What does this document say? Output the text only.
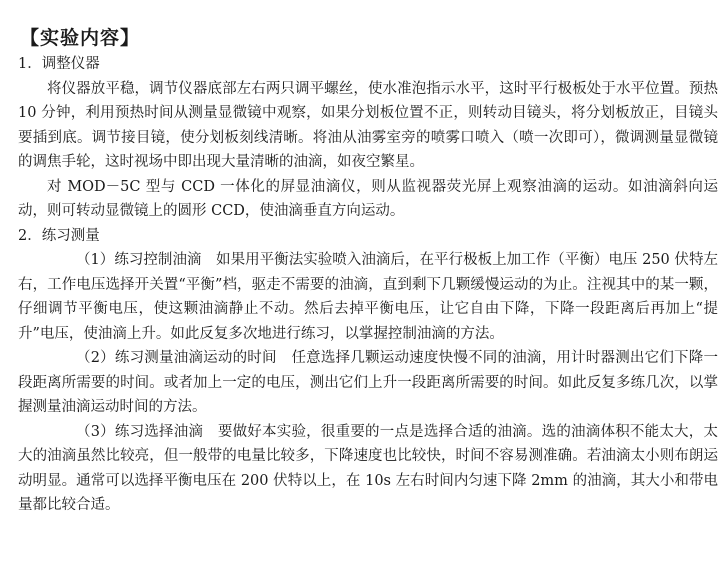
【实验内容】

1．调整仪器

将仪器放平稳，调节仪器底部左右两只调平螺丝，使水准泡指示水平，这时平行极板处于水平位置。预热 10 分钟，利用预热时间从测量显微镜中观察，如果分划板位置不正，则转动目镜头，将分划板放正，目镜头要插到底。调节接目镜，使分划板刻线清晰。将油从油雾室旁的喷雾口喷入（喷一次即可），微调测量显微镜的调焦手轮，这时视场中即出现大量清晰的油滴，如夜空繁星。

对 MOD－5C 型与 CCD 一体化的屏显油滴仪，则从监视器荧光屏上观察油滴的运动。如油滴斜向运动，则可转动显微镜上的圆形 CCD，使油滴垂直方向运动。

2．练习测量

（1）练习控制油滴　如果用平衡法实验喷入油滴后，在平行极板上加工作（平衡）电压 250 伏特左右，工作电压选择开关置“平衡”档，驱走不需要的油滴，直到剩下几颗缓慢运动的为止。注视其中的某一颗，仔细调节平衡电压，使这颗油滴静止不动。然后去掉平衡电压，让它自由下降，下降一段距离后再加上“提升”电压，使油滴上升。如此反复多次地进行练习，以掌握控制油滴的方法。

（2）练习测量油滴运动的时间　任意选择几颗运动速度快慢不同的油滴，用计时器测出它们下降一段距离所需要的时间。或者加上一定的电压，测出它们上升一段距离所需要的时间。如此反复多练几次，以掌握测量油滴运动时间的方法。

（3）练习选择油滴　要做好本实验，很重要的一点是选择合适的油滴。选的油滴体积不能太大，太大的油滴虽然比较亮，但一般带的电量比较多，下降速度也比较快，时间不容易测准确。若油滴太小则布朗运动明显。通常可以选择平衡电压在 200 伏特以上，在 10s 左右时间内匀速下降 2mm 的油滴，其大小和带电量都比较合适。
